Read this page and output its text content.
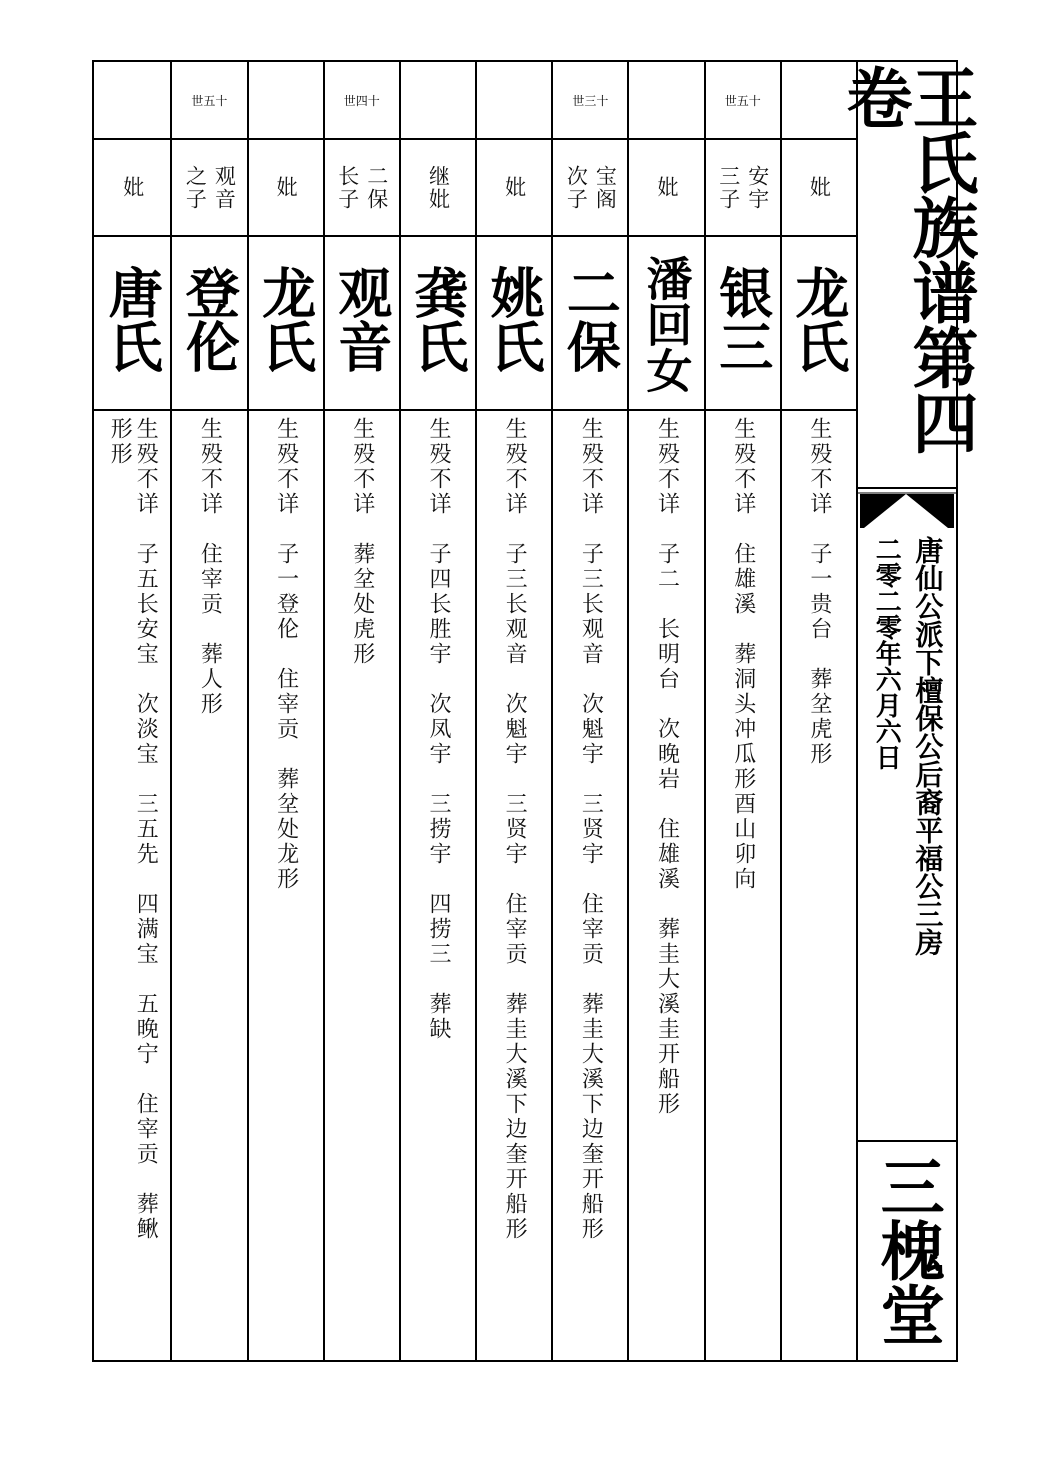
妣
龙氏
生殁不详　子一贵台　葬坌虎形
世五十
安宇
三子
银三
生殁不详　住雄溪　葬洞头冲瓜形酉山卯向
妣
潘回女
生殁不详　子二　长明台　次晚岩　住雄溪　葬圭大溪圭开船形
世三十
宝阁
次子
二保
生殁不详　子三长观音　次魁宇　三贤宇　住宰贡　葬圭大溪下边奎开船形
妣
姚氏
生殁不详　子三长观音　次魁宇　三贤宇　住宰贡　葬圭大溪下边奎开船形
继妣
龚氏
生殁不详　子四长胜宇　次凤宇　三捞宇　四捞三　葬缺
世四十
二保
长子
观音
生殁不详　葬坌处虎形
妣
龙氏
生殁不详　子一登伦　住宰贡　葬坌处龙形
世五十
观音
之子
登伦
生殁不详　住宰贡　葬人形
妣
唐氏
生殁不详　子五长安宝　次淡宝　三五先　四满宝　五晚宁　住宰贡　葬鳅
形形	王氏族谱第四卷
唐仙公派下檀保公后裔平福公三房
二零二零年六月六日
三槐堂
